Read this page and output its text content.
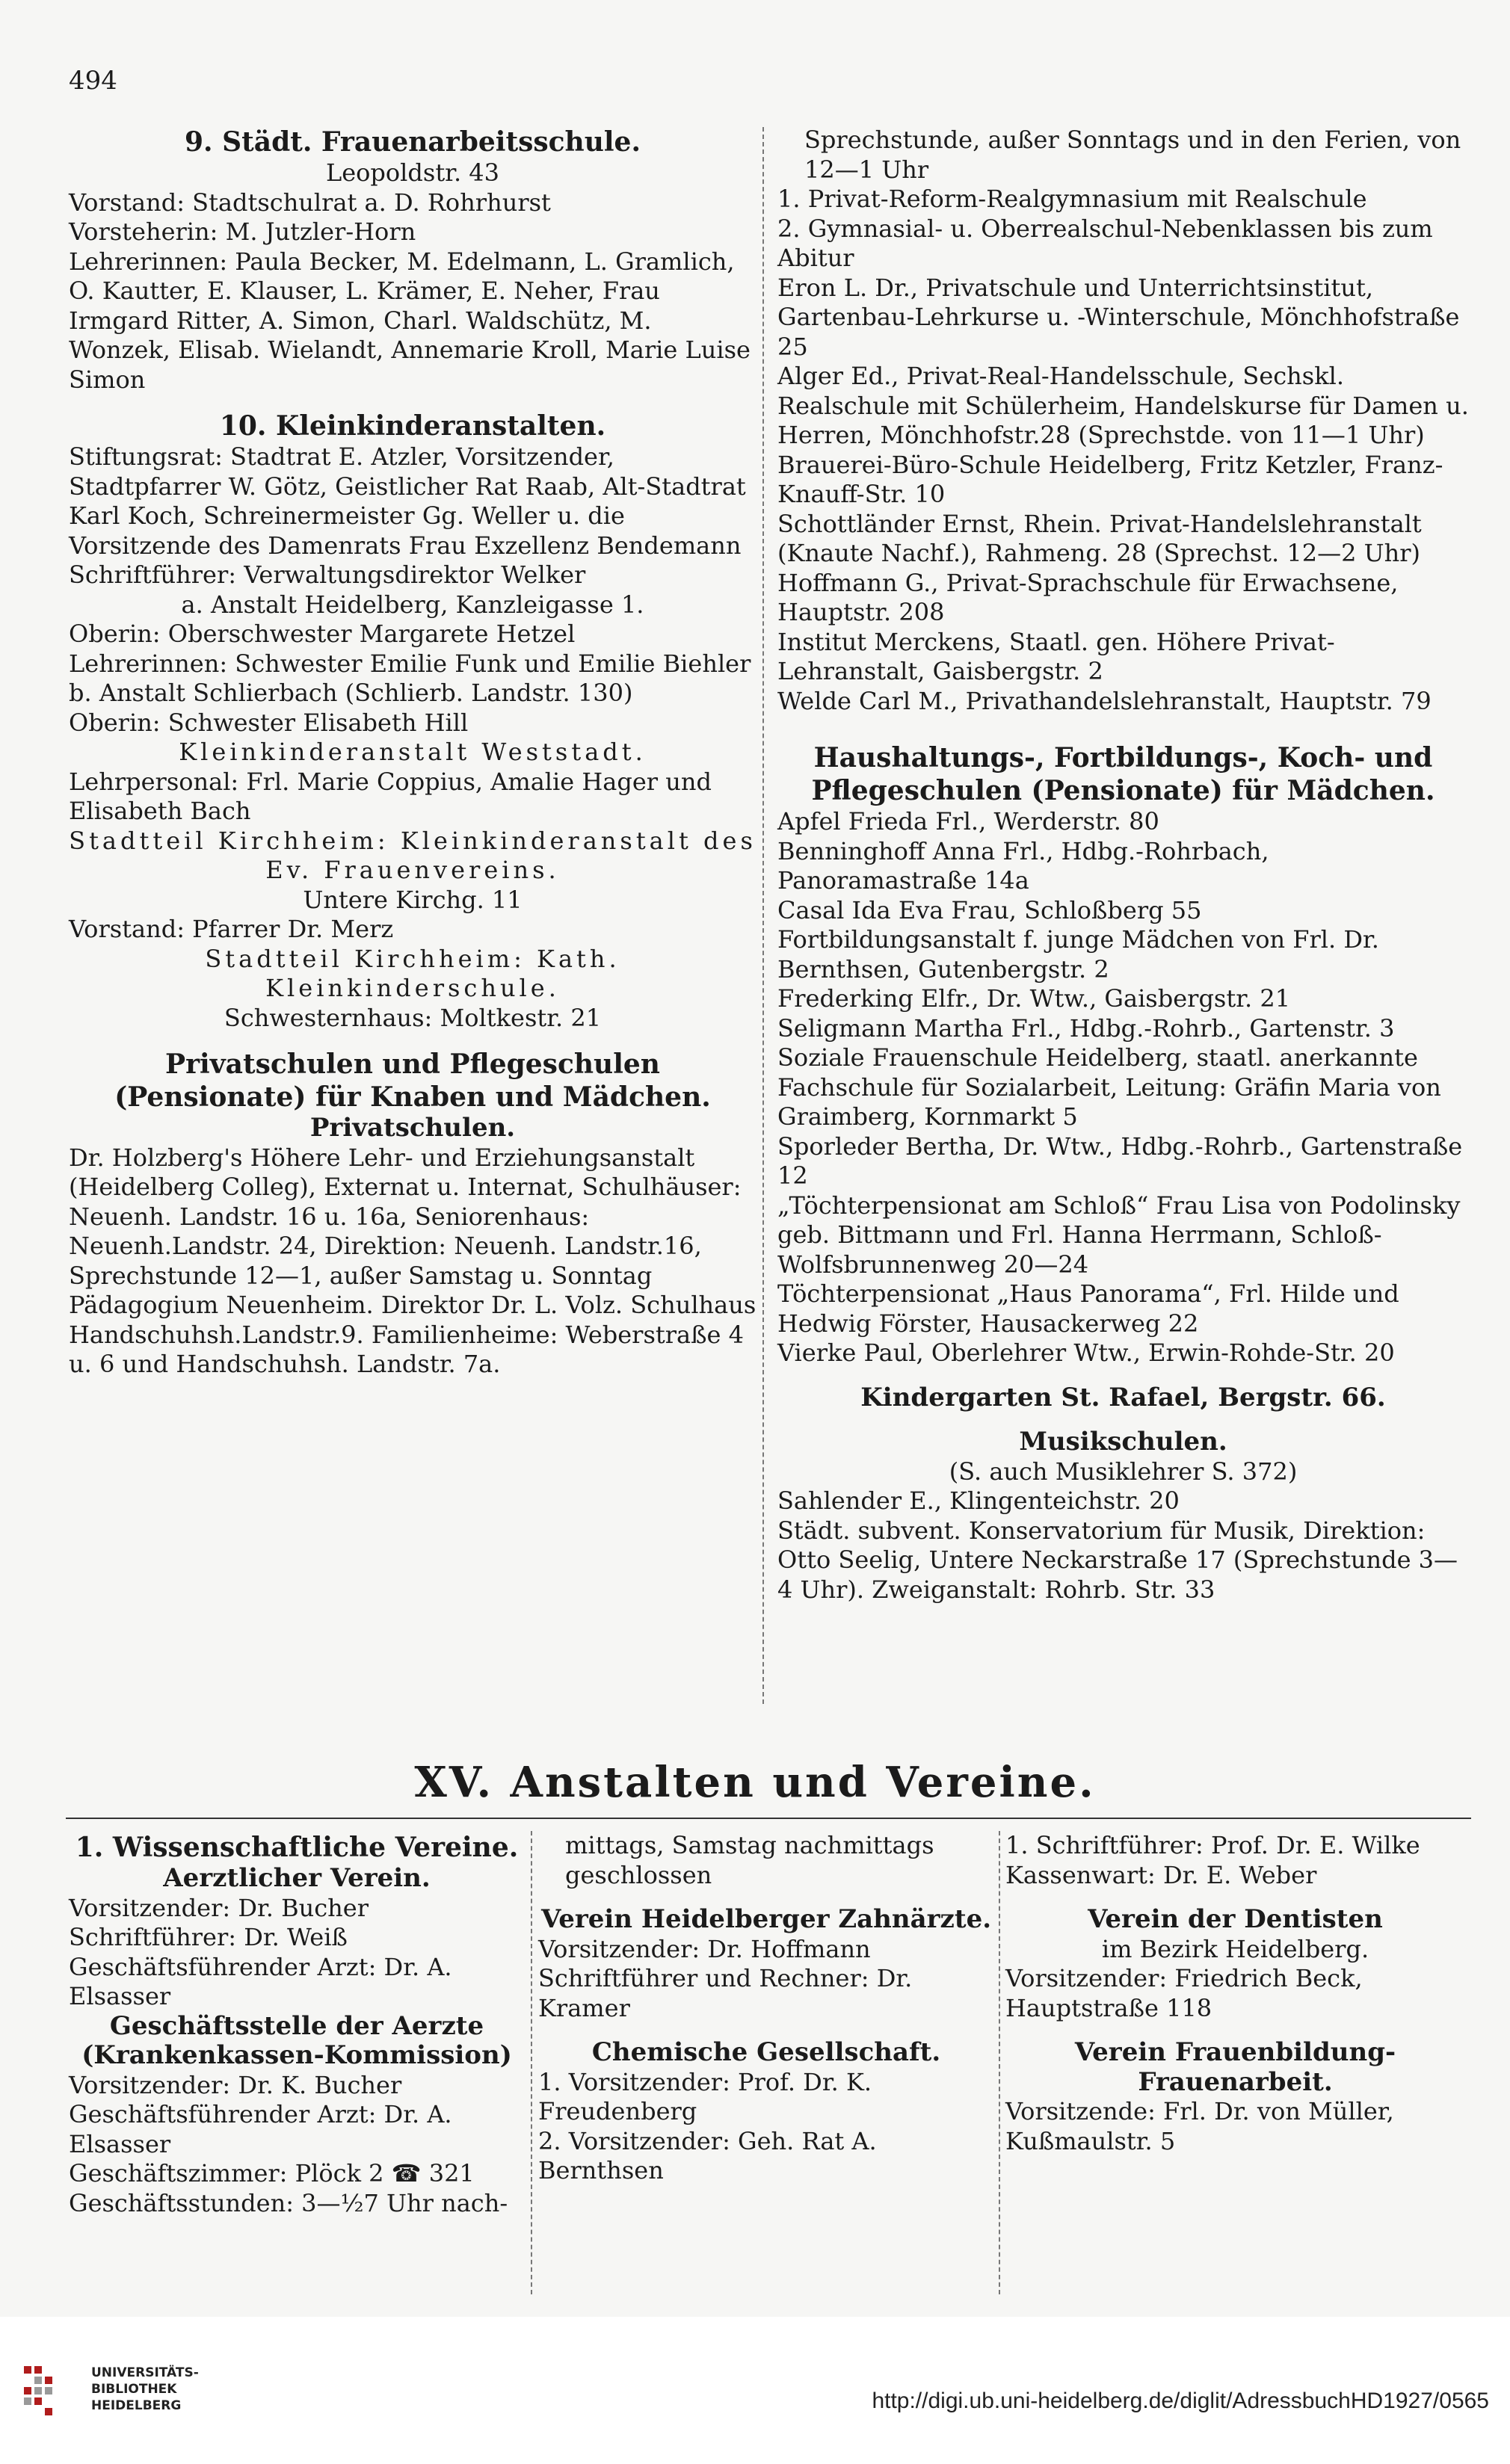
494

9. Städt. Frauenarbeitsschule.

Leopoldstr. 43

Vorstand: Stadtschulrat a. D. Rohrhurst

Vorsteherin: M. Jutzler-Horn

Lehrerinnen: Paula Becker, M. Edelmann, L. Gramlich, O. Kautter, E. Klauser, L. Krämer, E. Neher, Frau Irmgard Ritter, A. Simon, Charl. Waldschütz, M. Wonzek, Elisab. Wielandt, Annemarie Kroll, Marie Luise Simon

10. Kleinkinderanstalten.

Stiftungsrat: Stadtrat E. Atzler, Vorsitzender, Stadtpfarrer W. Götz, Geistlicher Rat Raab, Alt-Stadtrat Karl Koch, Schreinermeister Gg. Weller u. die Vorsitzende des Damenrats Frau Exzellenz Bendemann

Schriftführer: Verwaltungsdirektor Welker

a. Anstalt Heidelberg, Kanzleigasse 1.

Oberin: Oberschwester Margarete Hetzel

Lehrerinnen: Schwester Emilie Funk und Emilie Biehler

b. Anstalt Schlierbach (Schlierb. Landstr. 130)

Oberin: Schwester Elisabeth Hill

Kleinkinderanstalt Weststadt.

Lehrpersonal: Frl. Marie Coppius, Amalie Hager und Elisabeth Bach

Stadtteil Kirchheim: Kleinkinderanstalt des Ev. Frauenvereins.

Untere Kirchg. 11

Vorstand: Pfarrer Dr. Merz

Stadtteil Kirchheim: Kath. Kleinkinderschule.

Schwesternhaus: Moltkestr. 21

Privatschulen und Pflegeschulen (Pensionate) für Knaben und Mädchen.

Privatschulen.

Dr. Holzberg's Höhere Lehr- und Erziehungsanstalt (Heidelberg Colleg), Externat u. Internat, Schulhäuser: Neuenh. Landstr. 16 u. 16a, Seniorenhaus: Neuenh.Landstr. 24, Direktion: Neuenh. Landstr.16, Sprechstunde 12—1, außer Samstag u. Sonntag

Pädagogium Neuenheim. Direktor Dr. L. Volz. Schulhaus Handschuhsh.Landstr.9. Familienheime: Weberstraße 4 u. 6 und Handschuhsh. Landstr. 7a.

Sprechstunde, außer Sonntags und in den Ferien, von 12—1 Uhr

1. Privat-Reform-Realgymnasium mit Realschule

2. Gymnasial- u. Oberrealschul-Nebenklassen bis zum Abitur

Eron L. Dr., Privatschule und Unterrichtsinstitut, Gartenbau-Lehrkurse u. -Winterschule, Mönchhofstraße 25

Alger Ed., Privat-Real-Handelsschule, Sechskl. Realschule mit Schülerheim, Handelskurse für Damen u. Herren, Mönchhofstr.28 (Sprechstde. von 11—1 Uhr)

Brauerei-Büro-Schule Heidelberg, Fritz Ketzler, Franz-Knauff-Str. 10

Schottländer Ernst, Rhein. Privat-Handelslehranstalt (Knaute Nachf.), Rahmeng. 28 (Sprechst. 12—2 Uhr)

Hoffmann G., Privat-Sprachschule für Erwachsene, Hauptstr. 208

Institut Merckens, Staatl. gen. Höhere Privat-Lehranstalt, Gaisbergstr. 2

Welde Carl M., Privathandelslehranstalt, Hauptstr. 79

Haushaltungs-, Fortbildungs-, Koch- und Pflegeschulen (Pensionate) für Mädchen.

Apfel Frieda Frl., Werderstr. 80

Benninghoff Anna Frl., Hdbg.-Rohrbach, Panoramastraße 14a

Casal Ida Eva Frau, Schloßberg 55

Fortbildungsanstalt f. junge Mädchen von Frl. Dr. Bernthsen, Gutenbergstr. 2

Frederking Elfr., Dr. Wtw., Gaisbergstr. 21

Seligmann Martha Frl., Hdbg.-Rohrb., Gartenstr. 3

Soziale Frauenschule Heidelberg, staatl. anerkannte Fachschule für Sozialarbeit, Leitung: Gräfin Maria von Graimberg, Kornmarkt 5

Sporleder Bertha, Dr. Wtw., Hdbg.-Rohrb., Gartenstraße 12

„Töchterpensionat am Schloß“ Frau Lisa von Podolinsky geb. Bittmann und Frl. Hanna Herrmann, Schloß-Wolfsbrunnenweg 20—24

Töchterpensionat „Haus Panorama“, Frl. Hilde und Hedwig Förster, Hausackerweg 22

Vierke Paul, Oberlehrer Wtw., Erwin-Rohde-Str. 20

Kindergarten St. Rafael, Bergstr. 66.

Musikschulen.

(S. auch Musiklehrer S. 372)

Sahlender E., Klingenteichstr. 20

Städt. subvent. Konservatorium für Musik, Direktion: Otto Seelig, Untere Neckarstraße 17 (Sprechstunde 3—4 Uhr). Zweiganstalt: Rohrb. Str. 33

XV. Anstalten und Vereine.

1. Wissenschaftliche Vereine.

Aerztlicher Verein.

Vorsitzender: Dr. Bucher

Schriftführer: Dr. Weiß

Geschäftsführender Arzt: Dr. A. Elsasser

Geschäftsstelle der Aerzte (Krankenkassen-Kommission)

Vorsitzender: Dr. K. Bucher

Geschäftsführender Arzt: Dr. A. Elsasser

Geschäftszimmer: Plöck 2 ☎ 321

Geschäftsstunden: 3—½7 Uhr nach-

mittags, Samstag nachmittags geschlossen

Verein Heidelberger Zahnärzte.

Vorsitzender: Dr. Hoffmann

Schriftführer und Rechner: Dr. Kramer

Chemische Gesellschaft.

1. Vorsitzender: Prof. Dr. K. Freudenberg

2. Vorsitzender: Geh. Rat A. Bernthsen

1. Schriftführer: Prof. Dr. E. Wilke

Kassenwart: Dr. E. Weber

Verein der Dentisten

im Bezirk Heidelberg.

Vorsitzender: Friedrich Beck, Hauptstraße 118

Verein Frauenbildung-Frauenarbeit.

Vorsitzende: Frl. Dr. von Müller, Kußmaulstr. 5

UNIVERSITÄTS-
BIBLIOTHEK
HEIDELBERG	http://digi.ub.uni-heidelberg.de/diglit/AdressbuchHD1927/0565
